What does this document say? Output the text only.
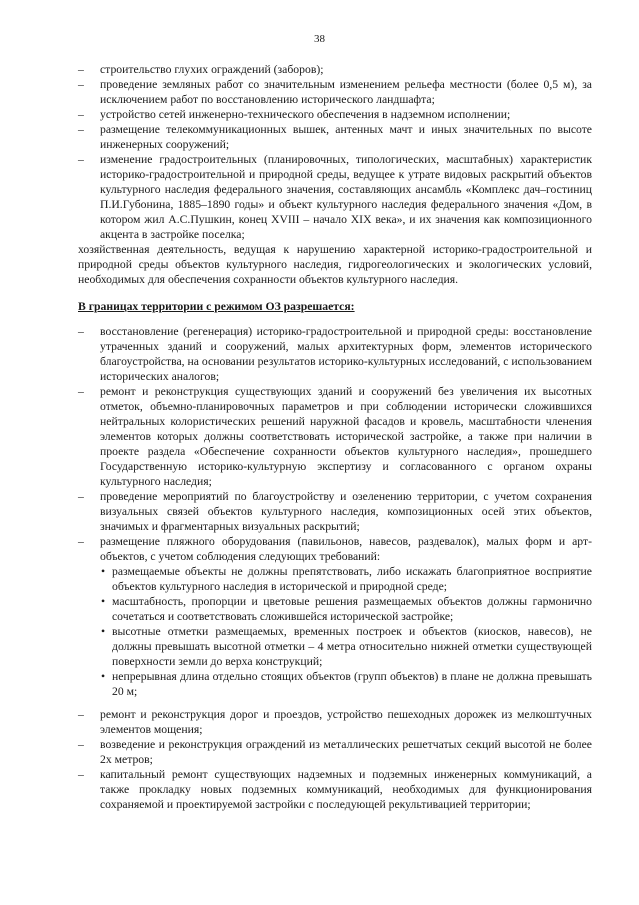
38
– строительство глухих ограждений (заборов);
– проведение земляных работ со значительным изменением рельефа местности (более 0,5 м), за исключением работ по восстановлению исторического ландшафта;
– устройство сетей инженерно-технического обеспечения в надземном исполнении;
– размещение телекоммуникационных вышек, антенных мачт и иных значительных по высоте инженерных сооружений;
– изменение градостроительных (планировочных, типологических, масштабных) характеристик историко-градостроительной и природной среды, ведущее к утрате видовых раскрытий объектов культурного наследия федерального значения, составляющих ансамбль «Комплекс дач–гостиниц П.И.Губонина, 1885–1890 годы» и объект культурного наследия федерального значения «Дом, в котором жил А.С.Пушкин, конец XVIII – начало XIX века», и их значения как композиционного акцента в застройке поселка;
хозяйственная деятельность, ведущая к нарушению характерной историко-градостроительной и природной среды объектов культурного наследия, гидрогеологических и экологических условий, необходимых для обеспечения сохранности объектов культурного наследия.
В границах территории с режимом ОЗ разрешается:
– восстановление (регенерация) историко-градостроительной и природной среды: восстановление утраченных зданий и сооружений, малых архитектурных форм, элементов исторического благоустройства, на основании результатов историко-культурных исследований, с использованием исторических аналогов;
– ремонт и реконструкция существующих зданий и сооружений без увеличения их высотных отметок, объемно-планировочных параметров и при соблюдении исторически сложившихся нейтральных колористических решений наружной фасадов и кровель, масштабности членения элементов которых должны соответствовать исторической застройке, а также при наличии в проекте раздела «Обеспечение сохранности объектов культурного наследия», прошедшего Государственную историко-культурную экспертизу и согласованного с органом охраны культурного наследия;
– проведение мероприятий по благоустройству и озеленению территории, с учетом сохранения визуальных связей объектов культурного наследия, композиционных осей этих объектов, значимых и фрагментарных визуальных раскрытий;
– размещение пляжного оборудования (павильонов, навесов, раздевалок), малых форм и арт-объектов, с учетом соблюдения следующих требований:
• размещаемые объекты не должны препятствовать, либо искажать благоприятное восприятие объектов культурного наследия в исторической и природной среде;
• масштабность, пропорции и цветовые решения размещаемых объектов должны гармонично сочетаться и соответствовать сложившейся исторической застройке;
• высотные отметки размещаемых, временных построек и объектов (киосков, навесов), не должны превышать высотной отметки – 4 метра относительно нижней отметки существующей поверхности земли до верха конструкций;
• непрерывная длина отдельно стоящих объектов (групп объектов) в плане не должна превышать 20 м;
– ремонт и реконструкция дорог и проездов, устройство пешеходных дорожек из мелкоштучных элементов мощения;
– возведение и реконструкция ограждений из металлических решетчатых секций высотой не более 2х метров;
– капитальный ремонт существующих надземных и подземных инженерных коммуникаций, а также прокладку новых подземных коммуникаций, необходимых для функционирования сохраняемой и проектируемой застройки с последующей рекультивацией территории;
